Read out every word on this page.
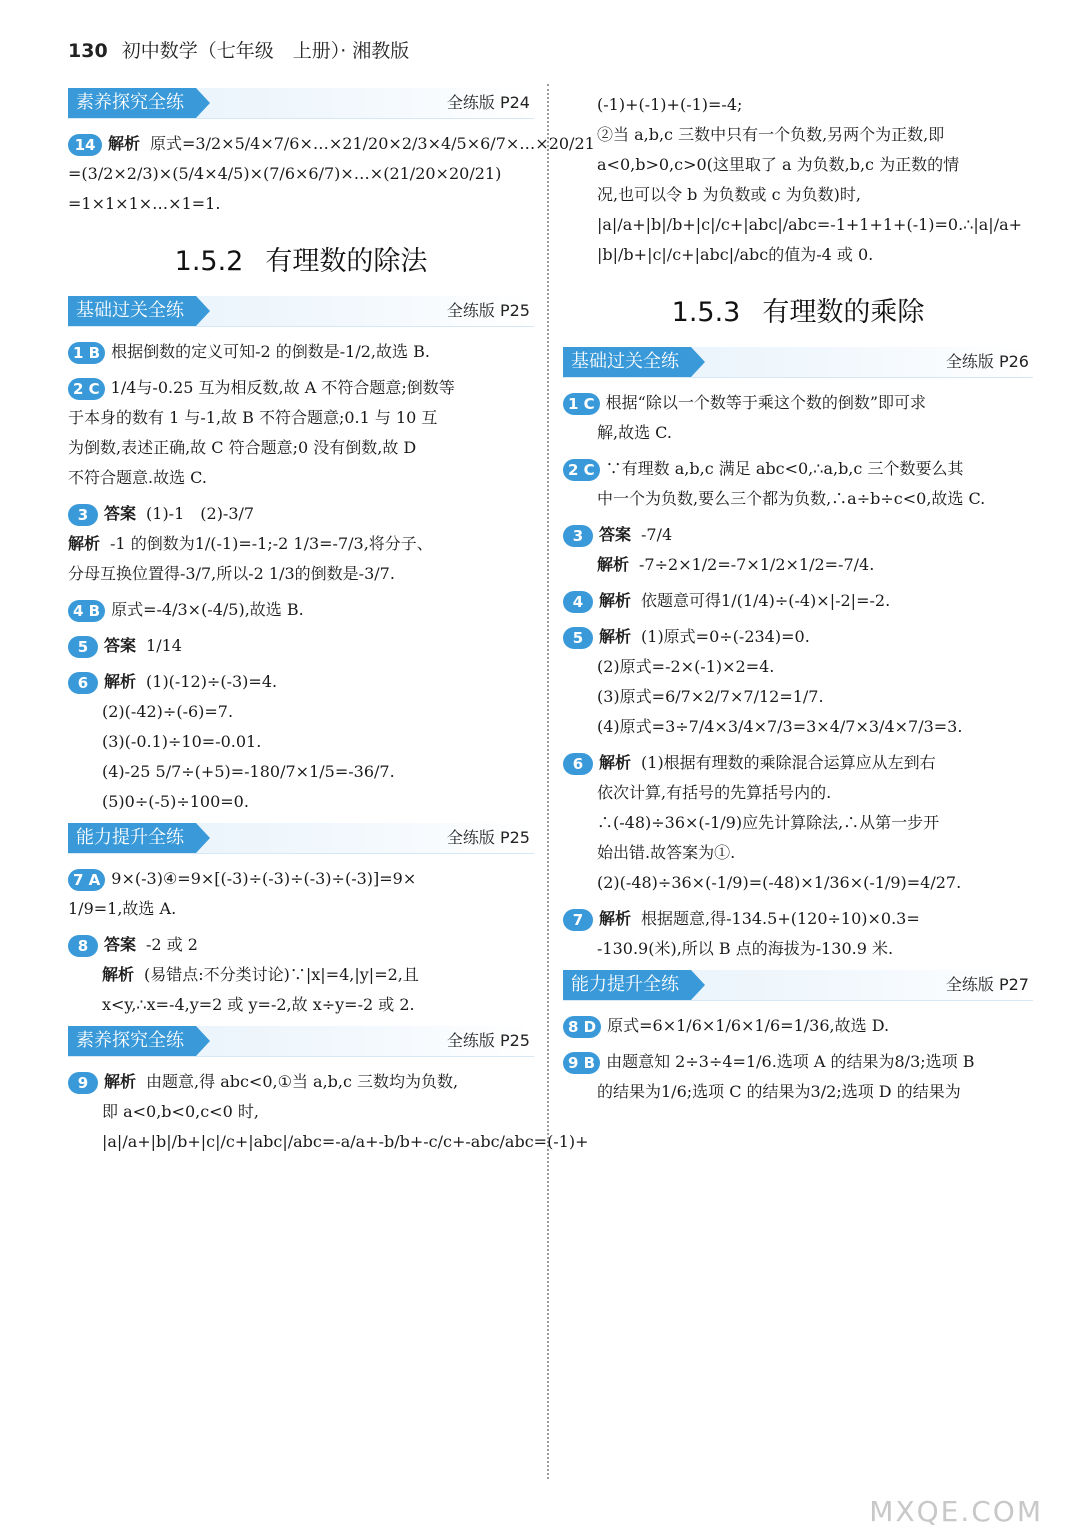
130 初中数学（七年级　上册）· 湘教版
素养探究全练	全练版 P24
14 解析 原式=3/2×5/4×7/6×…×21/20×2/3×4/5×6/7×…×20/21
=(3/2×2/3)×(5/4×4/5)×(7/6×6/7)×…×(21/20×20/21)
=1×1×1×…×1=1.
1.5.2 有理数的除法
基础过关全练	全练版 P25
1 B 根据倒数的定义可知-2 的倒数是-1/2,故选 B.
2 C 1/4与-0.25 互为相反数,故 A 不符合题意;倒数等
于本身的数有 1 与-1,故 B 不符合题意;0.1 与 10 互
为倒数,表述正确,故 C 符合题意;0 没有倒数,故 D
不符合题意.故选 C.
3 答案 (1)-1　(2)-3/7
解析 -1 的倒数为1/(-1)=-1;-2 1/3=-7/3,将分子、
分母互换位置得-3/7,所以-2 1/3的倒数是-3/7.
4 B 原式=-4/3×(-4/5),故选 B.
5 答案 1/14
6 解析 (1)(-12)÷(-3)=4.
(2)(-42)÷(-6)=7.
(3)(-0.1)÷10=-0.01.
(4)-25 5/7÷(+5)=-180/7×1/5=-36/7.
(5)0÷(-5)÷100=0.
能力提升全练	全练版 P25
7 A 9×(-3)④=9×[(-3)÷(-3)÷(-3)÷(-3)]=9×
1/9=1,故选 A.
8 答案 -2 或 2
解析 (易错点:不分类讨论)∵|x|=4,|y|=2,且
x<y,∴x=-4,y=2 或 y=-2,故 x÷y=-2 或 2.
素养探究全练	全练版 P25
9 解析 由题意,得 abc<0,①当 a,b,c 三数均为负数,
即 a<0,b<0,c<0 时,
|a|/a+|b|/b+|c|/c+|abc|/abc=-a/a+-b/b+-c/c+-abc/abc=(-1)+
(-1)+(-1)+(-1)=-4;
②当 a,b,c 三数中只有一个负数,另两个为正数,即
a<0,b>0,c>0(这里取了 a 为负数,b,c 为正数的情
况,也可以令 b 为负数或 c 为负数)时,
|a|/a+|b|/b+|c|/c+|abc|/abc=-1+1+1+(-1)=0.∴|a|/a+
|b|/b+|c|/c+|abc|/abc的值为-4 或 0.
1.5.3 有理数的乘除
基础过关全练	全练版 P26
1 C 根据“除以一个数等于乘这个数的倒数”即可求
解,故选 C.
2 C ∵有理数 a,b,c 满足 abc<0,∴a,b,c 三个数要么其
中一个为负数,要么三个都为负数,∴a÷b÷c<0,故选 C.
3 答案 -7/4
解析 -7÷2×1/2=-7×1/2×1/2=-7/4.
4 解析 依题意可得1/(1/4)÷(-4)×|-2|=-2.
5 解析 (1)原式=0÷(-234)=0.
(2)原式=-2×(-1)×2=4.
(3)原式=6/7×2/7×7/12=1/7.
(4)原式=3÷7/4×3/4×7/3=3×4/7×3/4×7/3=3.
6 解析 (1)根据有理数的乘除混合运算应从左到右
依次计算,有括号的先算括号内的.
∴(-48)÷36×(-1/9)应先计算除法,∴从第一步开
始出错.故答案为①.
(2)(-48)÷36×(-1/9)=(-48)×1/36×(-1/9)=4/27.
7 解析 根据题意,得-134.5+(120÷10)×0.3=
-130.9(米),所以 B 点的海拔为-130.9 米.
能力提升全练	全练版 P27
8 D 原式=6×1/6×1/6×1/6=1/36,故选 D.
9 B 由题意知 2÷3÷4=1/6.选项 A 的结果为8/3;选项 B
的结果为1/6;选项 C 的结果为3/2;选项 D 的结果为
MXQE.COM
